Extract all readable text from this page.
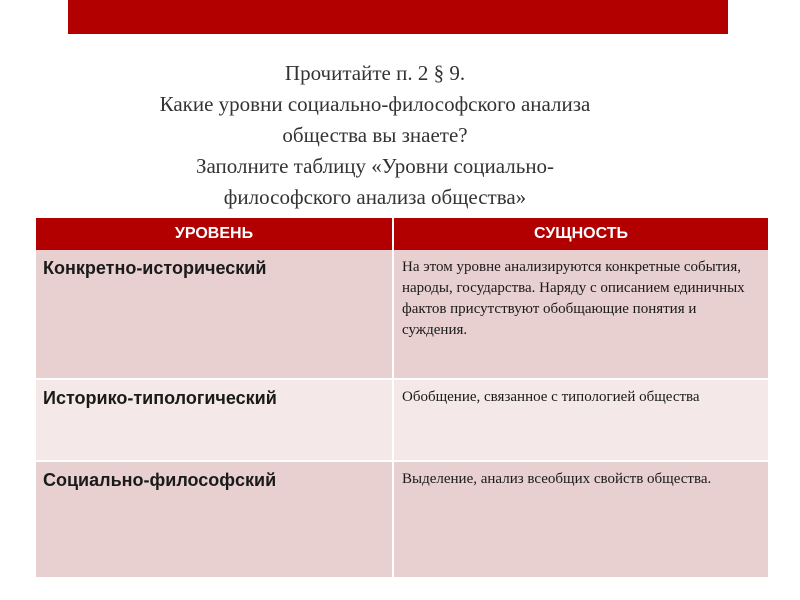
Прочитайте п. 2 § 9.
Какие уровни социально-философского анализа
общества вы знаете?
Заполните таблицу «Уровни социально-
философского анализа общества»
УРОВЕНЬ	СУЩНОСТЬ
Конкретно-исторический	На этом уровне анализируются конкретные события, народы, государства. Наряду с описанием единичных фактов присутствуют обобщающие понятия и суждения.
Историко-типологический	Обобщение, связанное с типологией общества
Социально-философский	Выделение, анализ всеобщих свойств общества.
